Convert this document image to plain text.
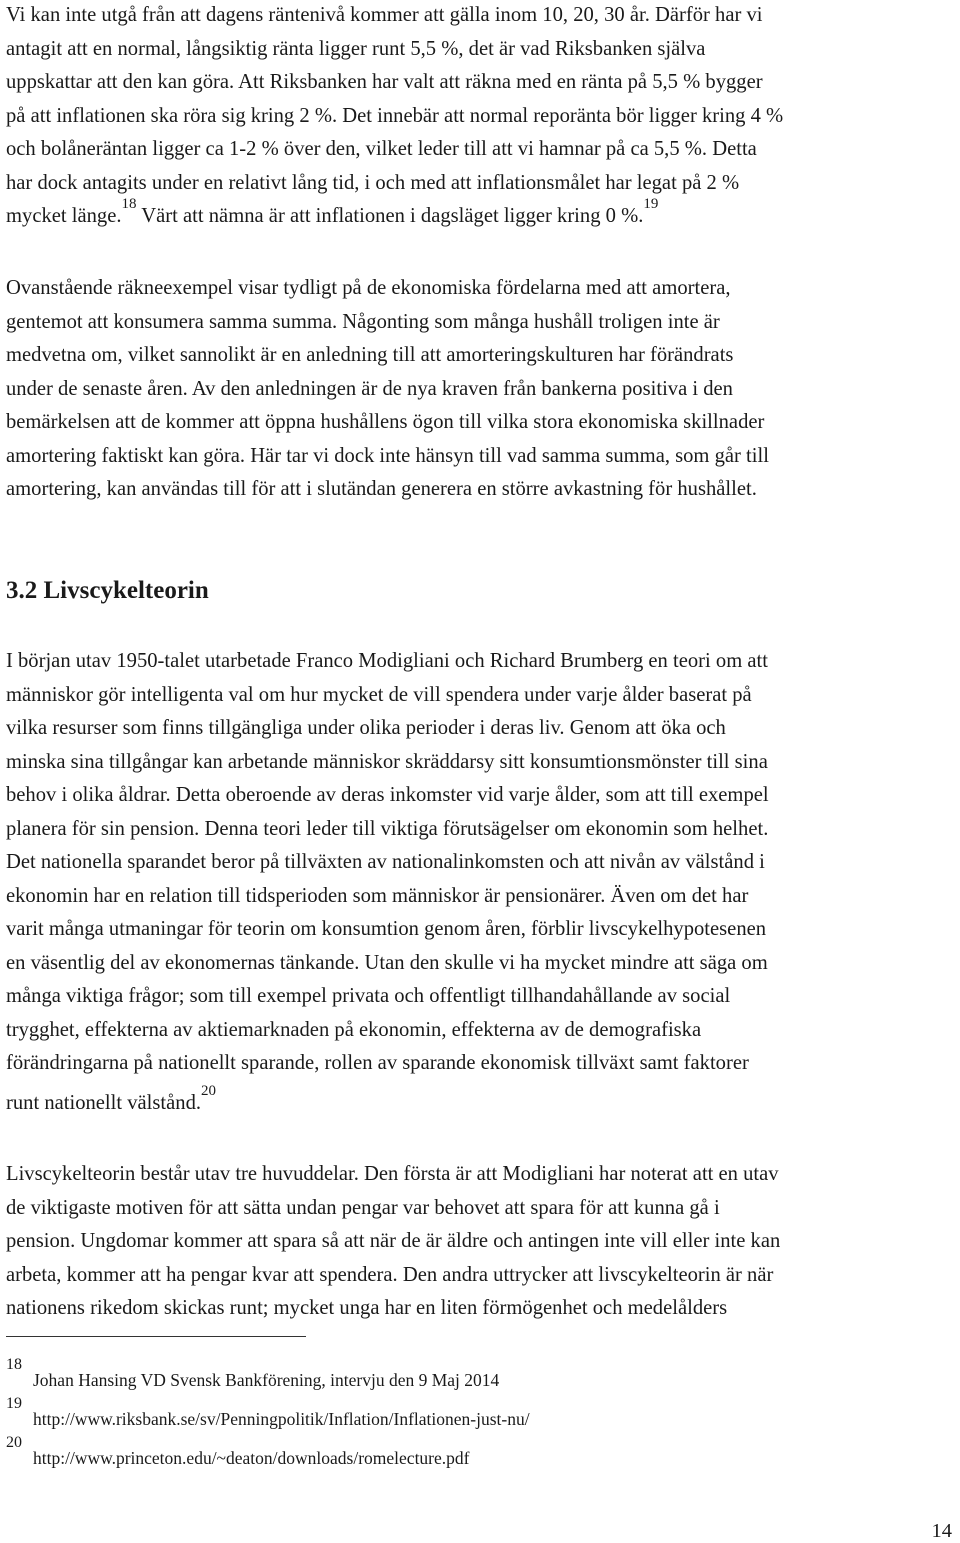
Vi kan inte utgå från att dagens räntenivå kommer att gälla inom 10, 20, 30 år. Därför har vi
antagit att en normal, långsiktig ränta ligger runt 5,5 %, det är vad Riksbanken själva
uppskattar att den kan göra. Att Riksbanken har valt att räkna med en ränta på 5,5 % bygger
på att inflationen ska röra sig kring 2 %. Det innebär att normal reporänta bör ligger kring 4 %
och bolåneräntan ligger ca 1-2 % över den, vilket leder till att vi hamnar på ca 5,5 %. Detta
har dock antagits under en relativt lång tid, i och med att inflationsmålet har legat på 2 %
mycket länge.$^{18}$ Värt att nämna är att inflationen i dagsläget ligger kring 0 %.$^{19}$
Ovanstående räkneexempel visar tydligt på de ekonomiska fördelarna med att amortera,
gentemot att konsumera samma summa. Någonting som många hushåll troligen inte är
medvetna om, vilket sannolikt är en anledning till att amorteringskulturen har förändrats
under de senaste åren. Av den anledningen är de nya kraven från bankerna positiva i den
bemärkelsen att de kommer att öppna hushållens ögon till vilka stora ekonomiska skillnader
amortering faktiskt kan göra. Här tar vi dock inte hänsyn till vad samma summa, som går till
amortering, kan användas till för att i slutändan generera en större avkastning för hushållet.
3.2 Livscykelteorin
I början utav 1950-talet utarbetade Franco Modigliani och Richard Brumberg en teori om att
människor gör intelligenta val om hur mycket de vill spendera under varje ålder baserat på
vilka resurser som finns tillgängliga under olika perioder i deras liv. Genom att öka och
minska sina tillgångar kan arbetande människor skräddarsy sitt konsumtionsmönster till sina
behov i olika åldrar. Detta oberoende av deras inkomster vid varje ålder, som att till exempel
planera för sin pension. Denna teori leder till viktiga förutsägelser om ekonomin som helhet.
Det nationella sparandet beror på tillväxten av nationalinkomsten och att nivån av välstånd i
ekonomin har en relation till tidsperioden som människor är pensionärer. Även om det har
varit många utmaningar för teorin om konsumtion genom åren, förblir livscykelhypotesenen
en väsentlig del av ekonomernas tänkande. Utan den skulle vi ha mycket mindre att säga om
många viktiga frågor; som till exempel privata och offentligt tillhandahållande av social
trygghet, effekterna av aktiemarknaden på ekonomin, effekterna av de demografiska
förändringarna på nationellt sparande, rollen av sparande ekonomisk tillväxt samt faktorer
runt nationellt välstånd.$^{20}$
Livscykelteorin består utav tre huvuddelar. Den första är att Modigliani har noterat att en utav
de viktigaste motiven för att sätta undan pengar var behovet att spara för att kunna gå i
pension. Ungdomar kommer att spara så att när de är äldre och antingen inte vill eller inte kan
arbeta, kommer att ha pengar kvar att spendera. Den andra uttrycker att livscykelteorin är när
nationens rikedom skickas runt; mycket unga har en liten förmögenhet och medelålders
18
Johan Hansing VD Svensk Bankförening, intervju den 9 Maj 2014
19
http://www.riksbank.se/sv/Penningpolitik/Inflation/Inflationen-just-nu/
20
http://www.princeton.edu/~deaton/downloads/romelecture.pdf
14
